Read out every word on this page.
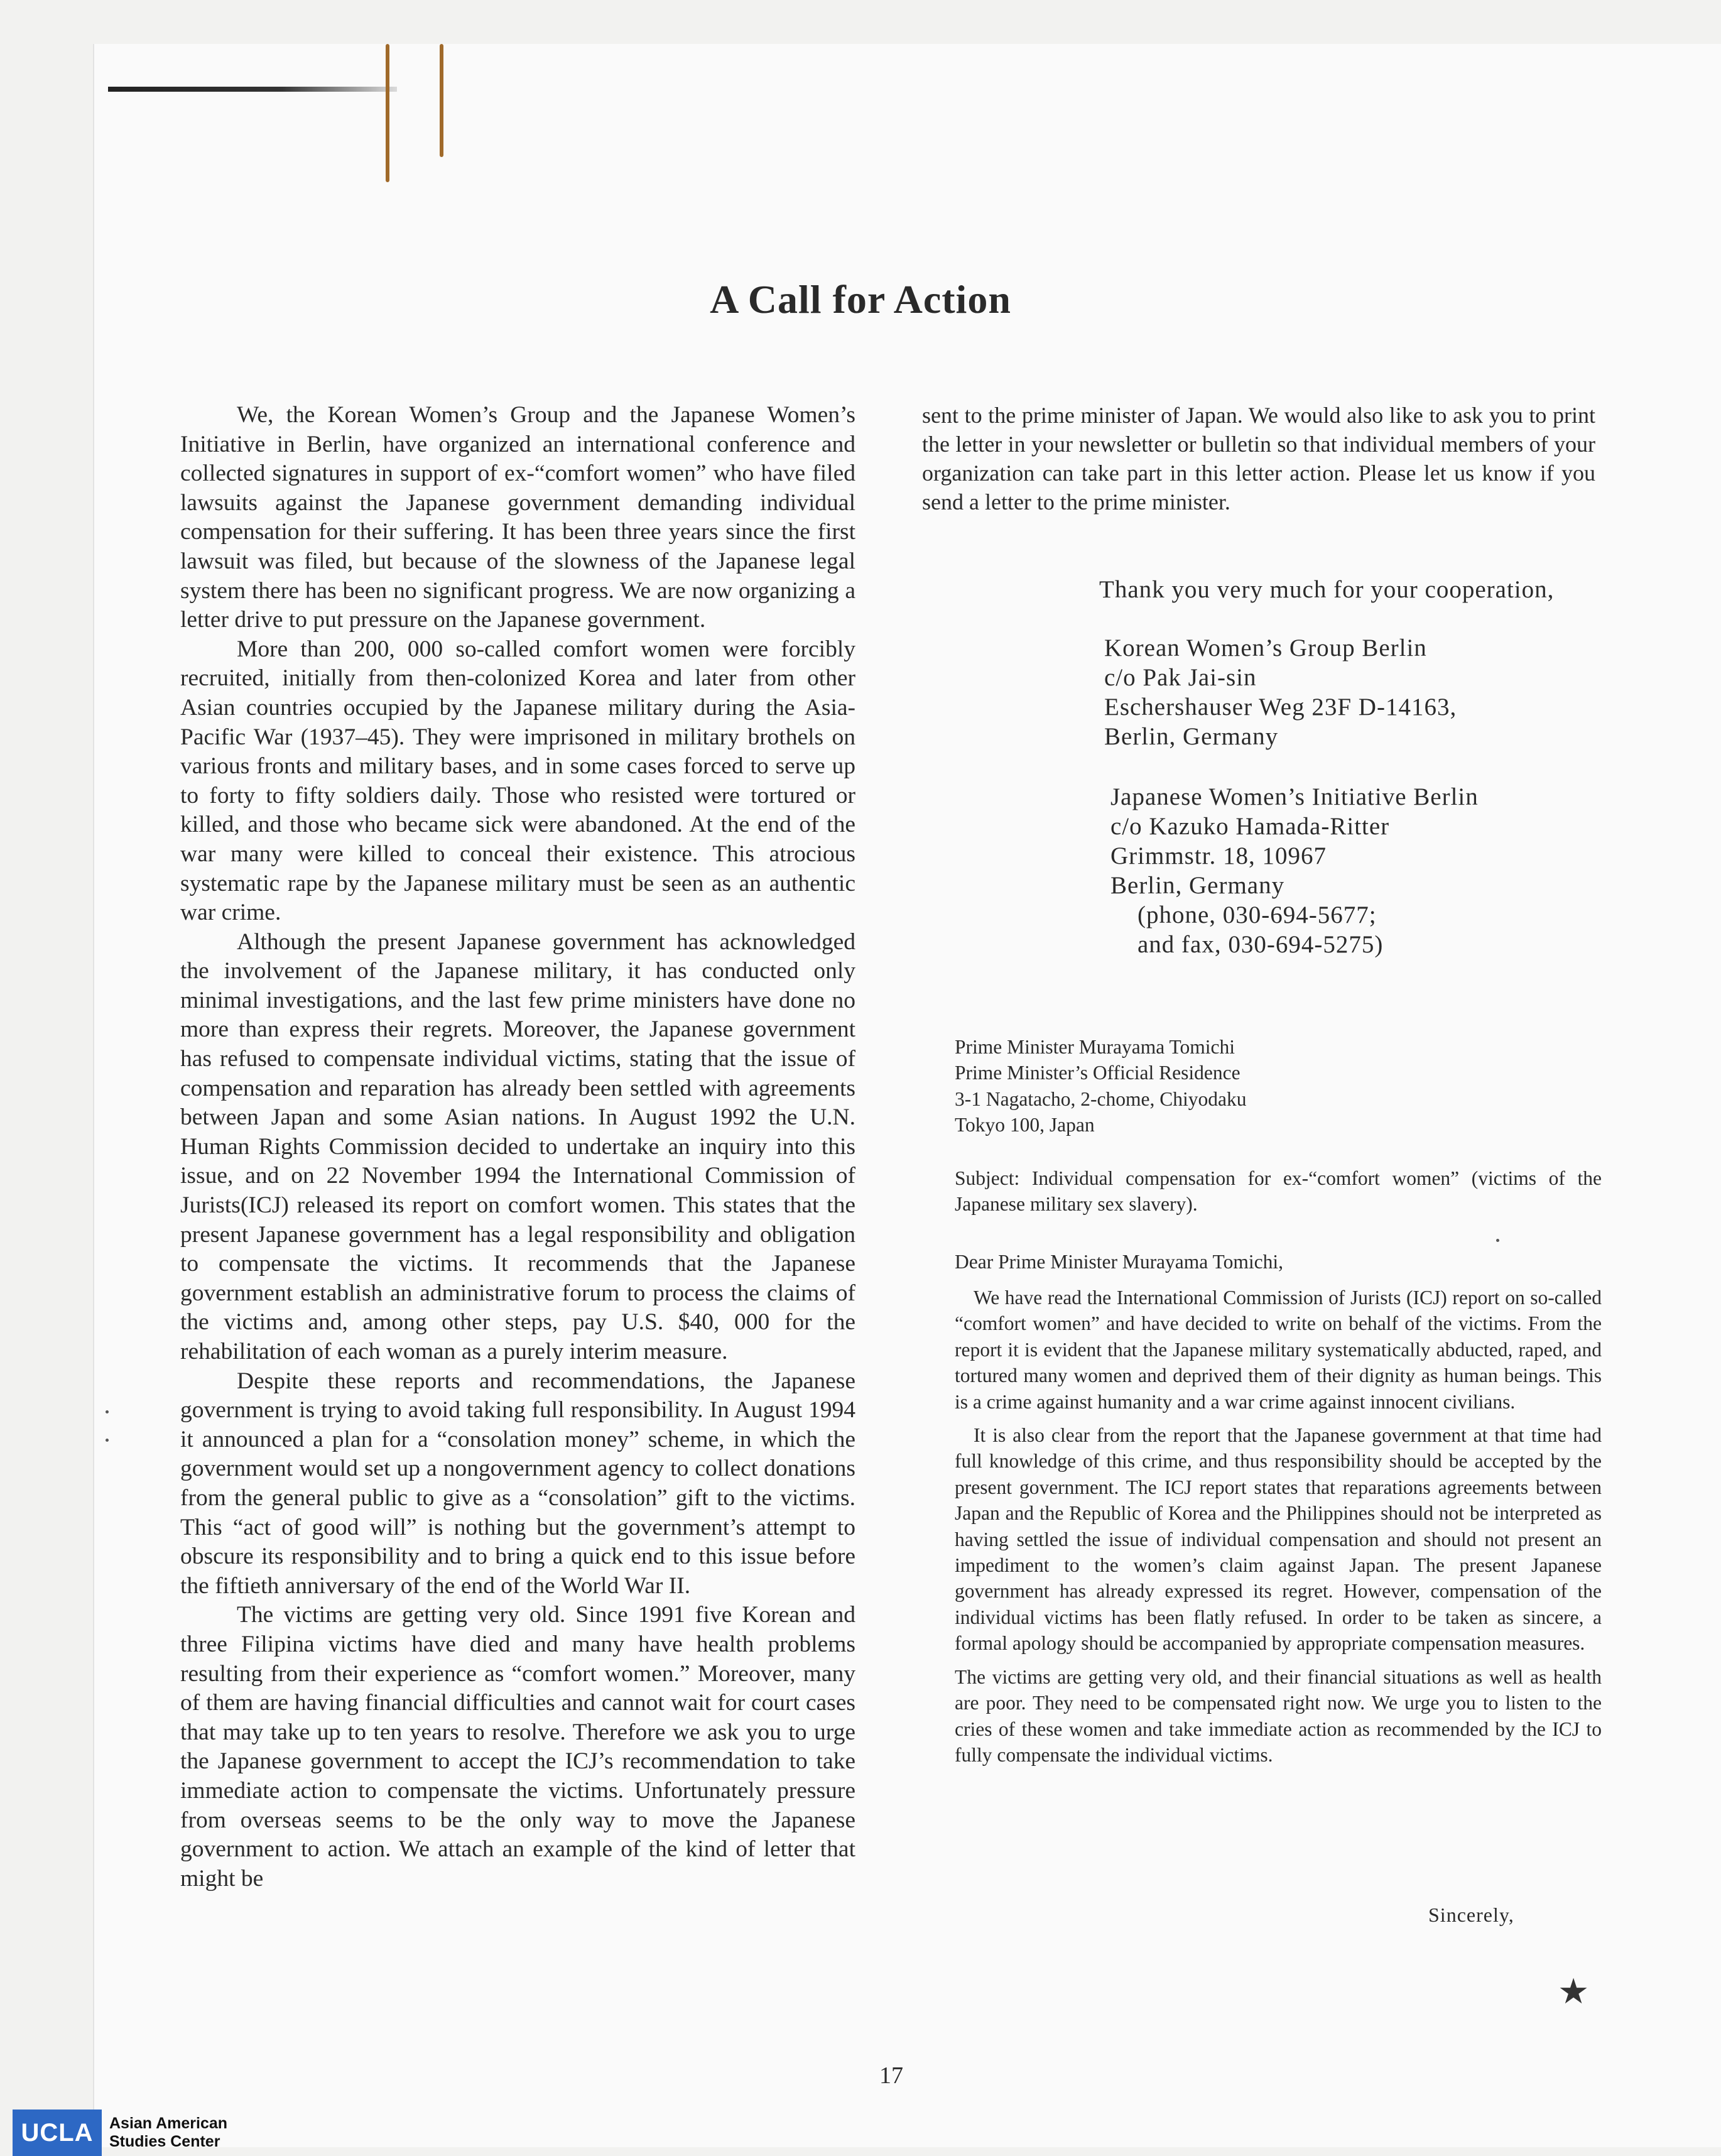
A Call for Action

We, the Korean Women’s Group and the Japanese Women’s Initiative in Berlin, have organized an international conference and collected signatures in support of ex-“comfort women” who have filed lawsuits against the Japanese government demanding individual compensation for their suffering. It has been three years since the first lawsuit was filed, but because of the slowness of the Japanese legal system there has been no significant progress. We are now organizing a letter drive to put pressure on the Japanese government.

More than 200, 000 so-called comfort women were forcibly recruited, initially from then-colonized Korea and later from other Asian countries occupied by the Japanese military during the Asia-Pacific War (1937–45). They were imprisoned in military brothels on various fronts and military bases, and in some cases forced to serve up to forty to fifty soldiers daily. Those who resisted were tortured or killed, and those who became sick were abandoned. At the end of the war many were killed to conceal their existence. This atrocious systematic rape by the Japanese military must be seen as an authentic war crime.

Although the present Japanese government has acknowledged the involvement of the Japanese military, it has conducted only minimal investigations, and the last few prime ministers have done no more than express their regrets. Moreover, the Japanese government has refused to compensate individual victims, stating that the issue of compensation and reparation has already been settled with agreements between Japan and some Asian nations. In August 1992 the U.N. Human Rights Commission decided to undertake an inquiry into this issue, and on 22 November 1994 the International Commission of Jurists(ICJ) released its report on comfort women. This states that the present Japanese government has a legal responsibility and obligation to compensate the victims. It recommends that the Japanese government establish an administrative forum to process the claims of the victims and, among other steps, pay U.S. $40, 000 for the rehabilitation of each woman as a purely interim measure.

Despite these reports and recommendations, the Japanese government is trying to avoid taking full responsibility. In August 1994 it announced a plan for a “consolation money” scheme, in which the government would set up a nongovernment agency to collect donations from the general public to give as a “consolation” gift to the victims. This “act of good will” is nothing but the government’s attempt to obscure its responsibility and to bring a quick end to this issue before the fiftieth anniversary of the end of the World War II.

The victims are getting very old. Since 1991 five Korean and three Filipina victims have died and many have health problems resulting from their experience as “comfort women.” Moreover, many of them are having financial difficulties and cannot wait for court cases that may take up to ten years to resolve. Therefore we ask you to urge the Japanese government to accept the ICJ’s recommendation to take immediate action to compensate the victims. Unfortunately pressure from overseas seems to be the only way to move the Japanese government to action. We attach an example of the kind of letter that might be

sent to the prime minister of Japan. We would also like to ask you to print the letter in your newsletter or bulletin so that individual members of your organization can take part in this letter action. Please let us know if you send a letter to the prime minister.

Thank you very much for your cooperation,
Korean Women’s Group Berlin
c/o Pak Jai-sin
Eschershauser Weg 23F D-14163,
Berlin, Germany
Japanese Women’s Initiative Berlin
c/o Kazuko Hamada-Ritter
Grimmstr. 18, 10967
Berlin, Germany
(phone, 030-694-5677;
and fax, 030-694-5275)
Prime Minister Murayama Tomichi
Prime Minister’s Official Residence
3-1 Nagatacho, 2-chome, Chiyodaku
Tokyo 100, Japan
Subject: Individual compensation for ex-“comfort women” (victims of the Japanese military sex slavery).
Dear Prime Minister Murayama Tomichi,

We have read the International Commission of Jurists (ICJ) report on so-called “comfort women” and have decided to write on behalf of the victims. From the report it is evident that the Japanese military systematically abducted, raped, and tortured many women and deprived them of their dignity as human beings. This is a crime against humanity and a war crime against innocent civilians.

It is also clear from the report that the Japanese government at that time had full knowledge of this crime, and thus responsibility should be accepted by the present government. The ICJ report states that reparations agreements between Japan and the Republic of Korea and the Philippines should not be interpreted as having settled the issue of individual compensation and should not present an impediment to the women’s claim against Japan. The present Japanese government has already expressed its regret. However, compensation of the individual victims has been flatly refused. In order to be taken as sincere, a formal apology should be accompanied by appropriate compensation measures.

The victims are getting very old, and their financial situations as well as health are poor. They need to be compensated right now. We urge you to listen to the cries of these women and take immediate action as recommended by the ICJ to fully compensate the individual victims.

Sincerely,
★
17
UCLA	Asian American
Studies Center
